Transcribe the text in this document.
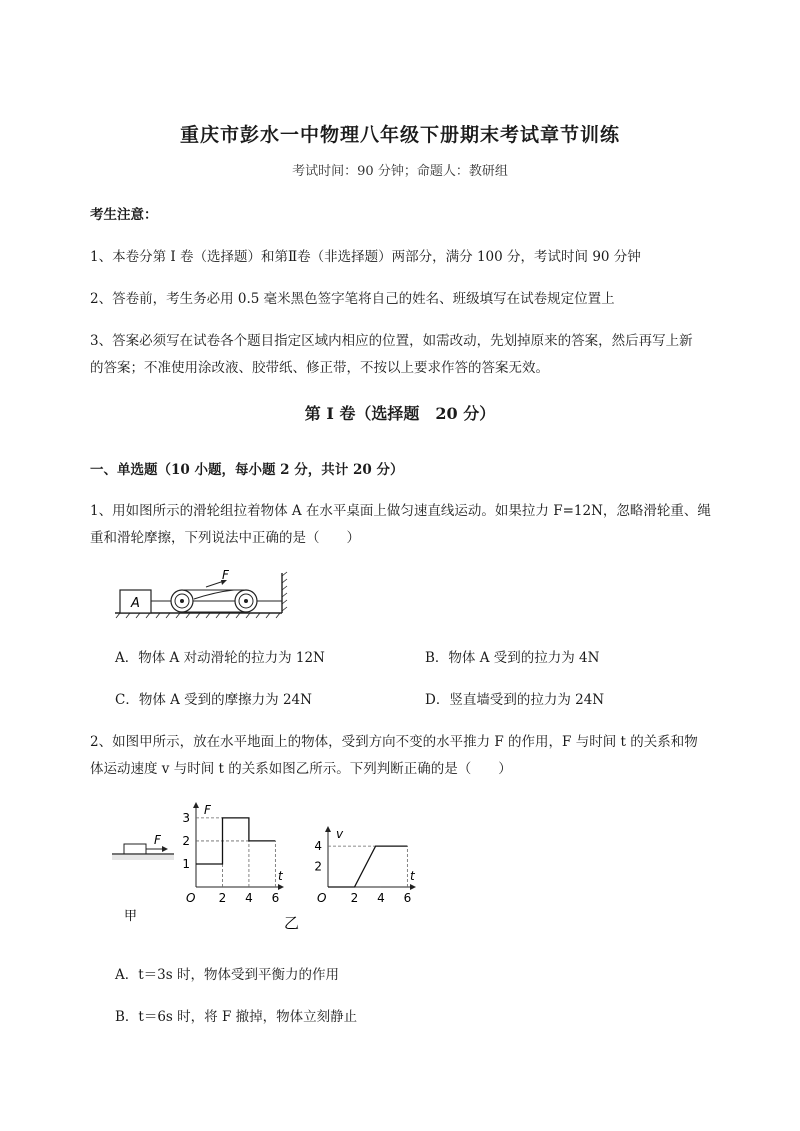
重庆市彭水一中物理八年级下册期末考试章节训练
考试时间：90 分钟；命题人：教研组
考生注意：
1、本卷分第 I 卷（选择题）和第Ⅱ卷（非选择题）两部分，满分 100 分，考试时间 90 分钟
2、答卷前，考生务必用 0.5 毫米黑色签字笔将自己的姓名、班级填写在试卷规定位置上
3、答案必须写在试卷各个题目指定区域内相应的位置，如需改动，先划掉原来的答案，然后再写上新
的答案；不准使用涂改液、胶带纸、修正带，不按以上要求作答的答案无效。
第 I 卷（选择题　20 分）
一、单选题（10 小题，每小题 2 分，共计 20 分）
1、用如图所示的滑轮组拉着物体 A 在水平桌面上做匀速直线运动。如果拉力 F=12N，忽略滑轮重、绳
重和滑轮摩擦，下列说法中正确的是（　　）
A
F
A．物体 A 对动滑轮的拉力为 12N	B．物体 A 受到的拉力为 4N
C．物体 A 受到的摩擦力为 24N	D．竖直墙受到的拉力为 24N
2、如图甲所示，放在水平地面上的物体，受到方向不变的水平推力 F 的作用，F 与时间 t 的关系和物
体运动速度 v 与时间 t 的关系如图乙所示。下列判断正确的是（　　）
F
甲
F
t
O 2 4 6
1
2
3
v
t
O 2 4 6
2
4
乙
A．t＝3s 时，物体受到平衡力的作用
B．t＝6s 时，将 F 撤掉，物体立刻静止
